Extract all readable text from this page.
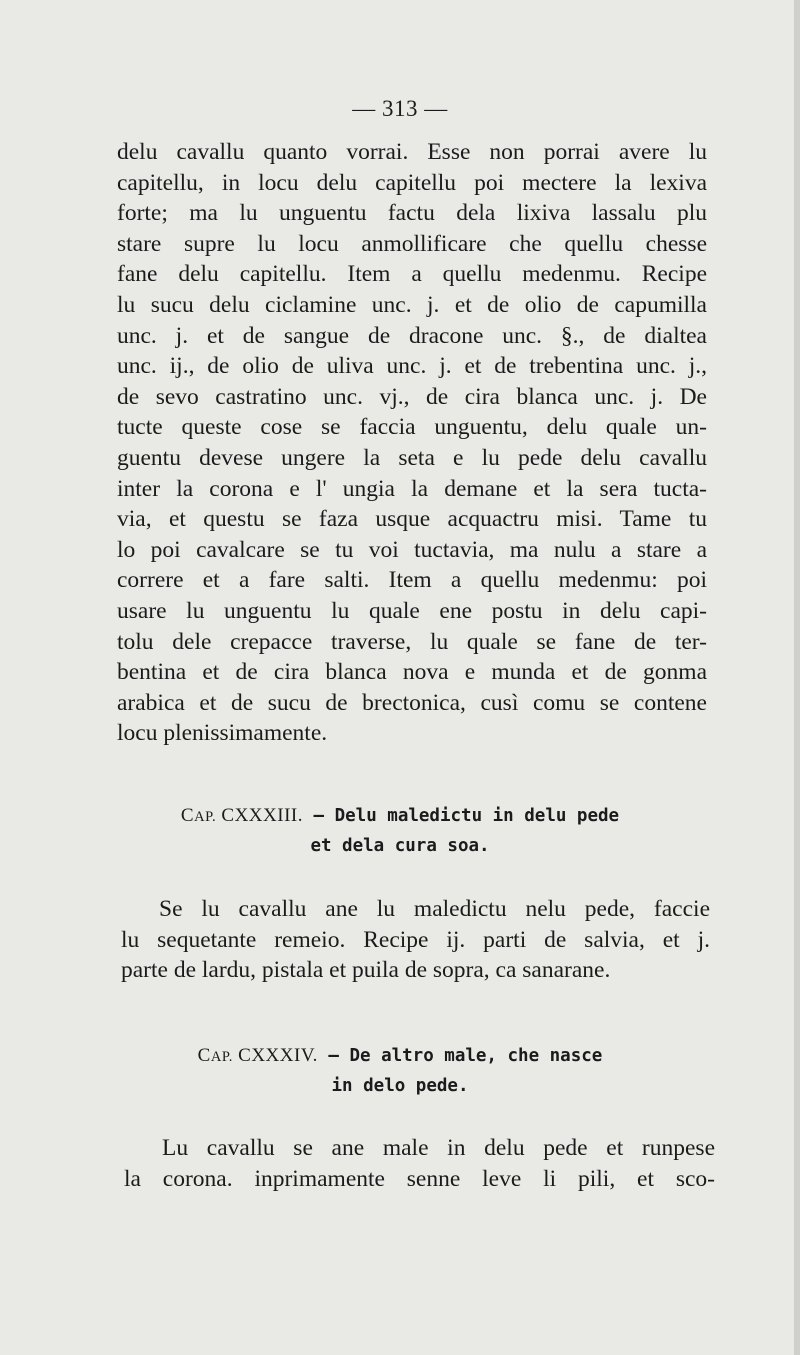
— 313 —

delu cavallu quanto vorrai. Esse non porrai avere lu

capitellu, in locu delu capitellu poi mectere la lexiva

forte; ma lu unguentu factu dela lixiva lassalu plu

stare supre lu locu anmollificare che quellu chesse

fane delu capitellu. Item a quellu medenmu. Recipe

lu sucu delu ciclamine unc. j. et de olio de capumilla

unc. j. et de sangue de dracone unc. §., de dialtea

unc. ij., de olio de uliva unc. j. et de trebentina unc. j.,

de sevo castratino unc. vj., de cira blanca unc. j. De

tucte queste cose se faccia unguentu, delu quale un-

guentu devese ungere la seta e lu pede delu cavallu

inter la corona e l' ungia la demane et la sera tucta-

via, et questu se faza usque acquactru misi. Tame tu

lo poi cavalcare se tu voi tuctavia, ma nulu a stare a

correre et a fare salti. Item a quellu medenmu: poi

usare lu unguentu lu quale ene postu in delu capi-

tolu dele crepacce traverse, lu quale se fane de ter-

bentina et de cira blanca nova e munda et de gonma

arabica et de sucu de brectonica, cusì comu se contene

locu plenissimamente.

CAP. CXXXIII. — Delu maledictu in delu pede
et dela cura soa.

Se lu cavallu ane lu maledictu nelu pede, faccie

lu sequetante remeio. Recipe ij. parti de salvia, et j.

parte de lardu, pistala et puila de sopra, ca sanarane.

CAP. CXXXIV. — De altro male, che nasce
in delo pede.

Lu cavallu se ane male in delu pede et runpese

la corona. inprimamente senne leve li pili, et sco-
